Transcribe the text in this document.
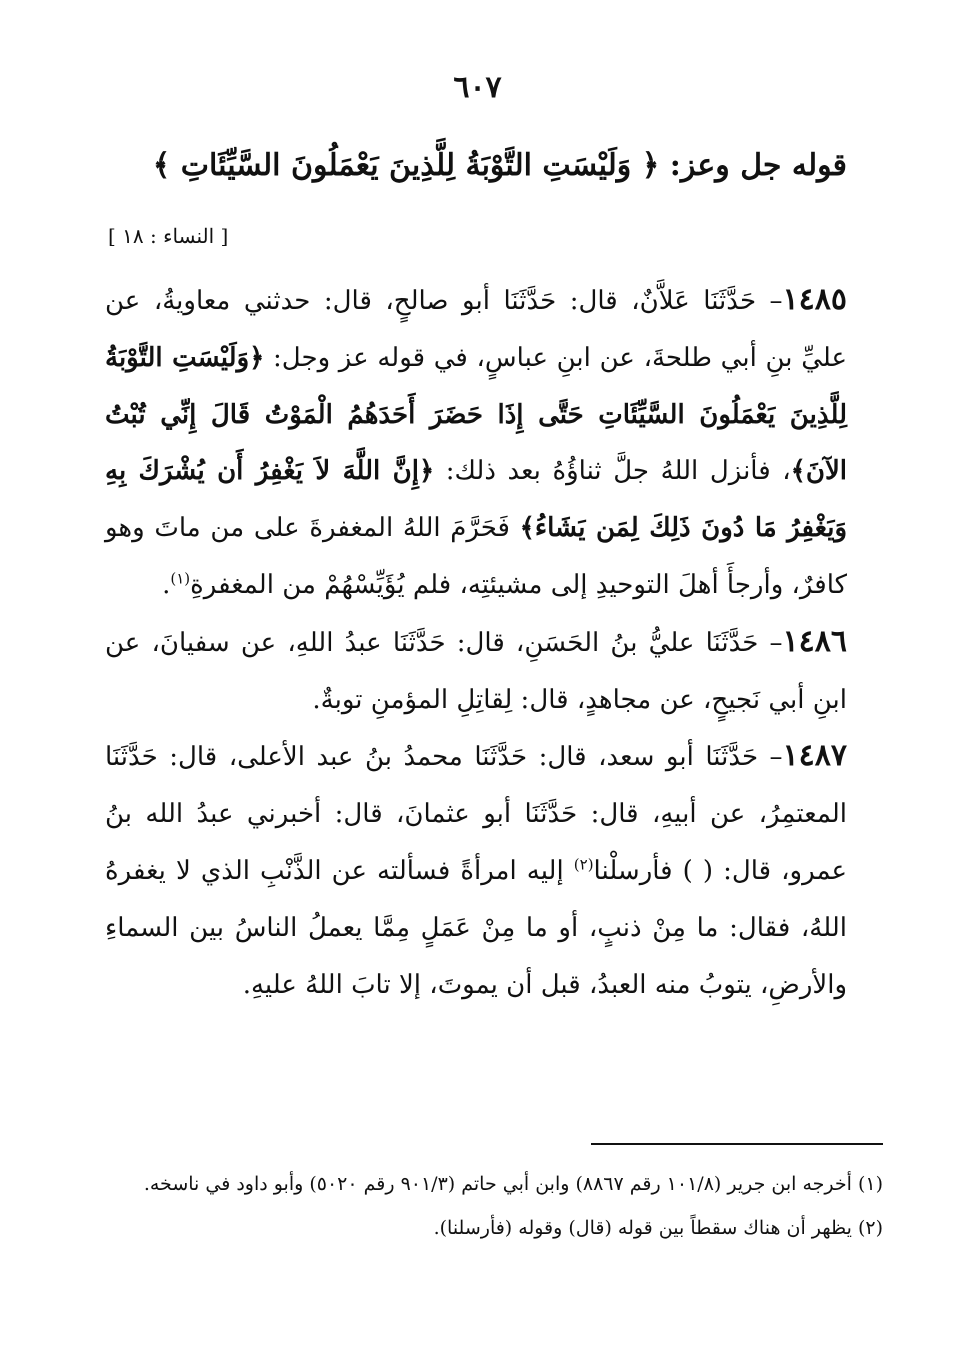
٦٠٧
قوله جل وعز: ﴿ وَلَيْسَتِ التَّوْبَةُ لِلَّذِينَ يَعْمَلُونَ السَّيِّئَاتِ ﴾
[ النساء : ١٨ ]

١٤٨٥– حَدَّثَنَا عَلاَّنٌ، قال: حَدَّثَنَا أبو صالحٍ، قال: حدثني معاويةُ، عن عليِّ بنِ أبي طلحةَ، عن ابنِ عباسٍ، في قوله عز وجل: ﴿وَلَيْسَتِ التَّوْبَةُ لِلَّذِينَ يَعْمَلُونَ السَّيِّئَاتِ حَتَّى إِذَا حَضَرَ أَحَدَهُمُ الْمَوْتُ قَالَ إِنِّي تُبْتُ الآنَ﴾، فأنزل اللهُ جلَّ ثناؤُهُ بعد ذلك: ﴿إِنَّ اللَّهَ لاَ يَغْفِرُ أَن يُشْرَكَ بِهِ وَيَغْفِرُ مَا دُونَ ذَلِكَ لِمَن يَشَاءُ﴾ فَحَرَّمَ اللهُ المغفرةَ على من ماتَ وهو كافرٌ، وأرجأَ أهلَ التوحيدِ إلى مشيئتِه، فلم يُؤَيِّسْهُمْ من المغفرةِ$^{(١)}$.

١٤٨٦– حَدَّثَنَا عليُّ بنُ الحَسَنِ، قال: حَدَّثَنَا عبدُ اللهِ، عن سفيانَ، عن ابنِ أبي نَجيحٍ، عن مجاهدٍ، قال: لِقاتِلِ المؤمنِ توبةٌ.

١٤٨٧– حَدَّثَنَا أبو سعد، قال: حَدَّثَنَا محمدُ بنُ عبد الأعلى، قال: حَدَّثَنَا المعتمِرُ، عن أبيهِ، قال: حَدَّثَنَا أبو عثمانَ، قال: أخبرني عبدُ الله بنُ عمرو، قال: ( ) فأرسلْنا$^{(٢)}$ إليه امرأةً فسألته عن الذَّنْبِ الذي لا يغفرهُ اللهُ، فقال: ما مِنْ ذنبٍ، أو ما مِنْ عَمَلٍ مِمَّا يعملُ الناسُ بين السماءِ والأرضِ، يتوبُ منه العبدُ، قبل أن يموتَ، إلا تابَ اللهُ عليهِ.

(١) أخرجه ابن جرير (١٠١/٨ رقم ٨٨٦٧) وابن أبي حاتم (٩٠١/٣ رقم ٥٠٢٠) وأبو داود في ناسخه.

(٢) يظهر أن هناك سقطاً بين قوله (قال) وقوله (فأرسلنا).
